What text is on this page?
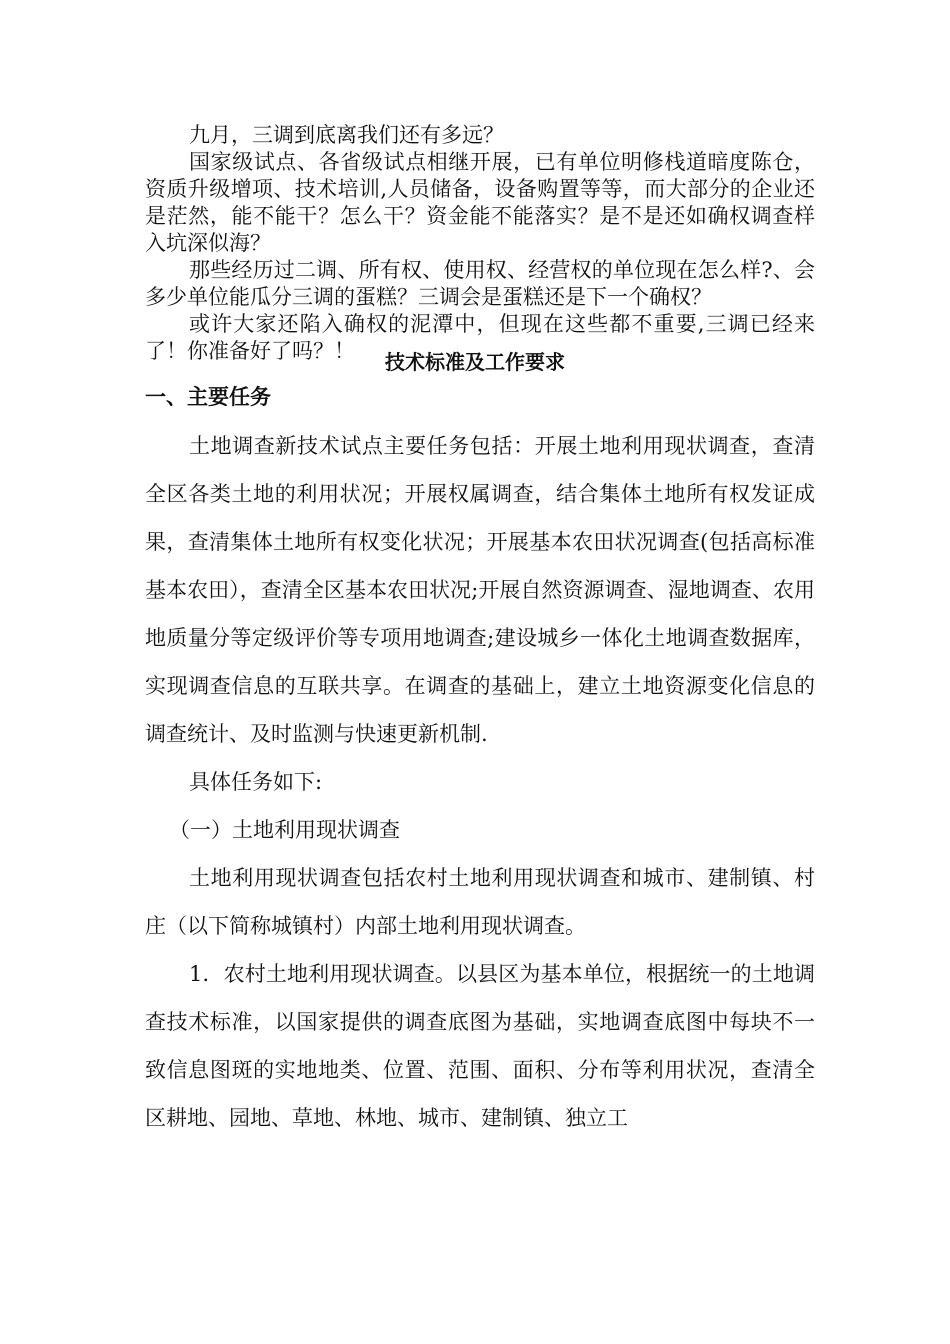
九月，三调到底离我们还有多远？

国家级试点、各省级试点相继开展，已有单位明修栈道暗度陈仓，资质升级增项、技术培训,人员储备，设备购置等等，而大部分的企业还是茫然，能不能干？怎么干？资金能不能落实？是不是还如确权调查样入坑深似海？

那些经历过二调、所有权、使用权、经营权的单位现在怎么样?、会多少单位能瓜分三调的蛋糕？三调会是蛋糕还是下一个确权？

或许大家还陷入确权的泥潭中，但现在这些都不重要,三调已经来了！你准备好了吗？！	技术标准及工作要求
一、主要任务

土地调查新技术试点主要任务包括：开展土地利用现状调查，查清全区各类土地的利用状况；开展权属调查，结合集体土地所有权发证成果，查清集体土地所有权变化状况；开展基本农田状况调查(包括高标准基本农田），查清全区基本农田状况;开展自然资源调查、湿地调查、农用地质量分等定级评价等专项用地调查;建设城乡一体化土地调查数据库，实现调查信息的互联共享。在调查的基础上，建立土地资源变化信息的调查统计、及时监测与快速更新机制.

具体任务如下:

（一）土地利用现状调查

土地利用现状调查包括农村土地利用现状调查和城市、建制镇、村庄（以下简称城镇村）内部土地利用现状调查。

1．农村土地利用现状调查。以县区为基本单位，根据统一的土地调查技术标准，以国家提供的调查底图为基础，实地调查底图中每块不一致信息图斑的实地地类、位置、范围、面积、分布等利用状况，查清全区耕地、园地、草地、林地、城市、建制镇、独立工
